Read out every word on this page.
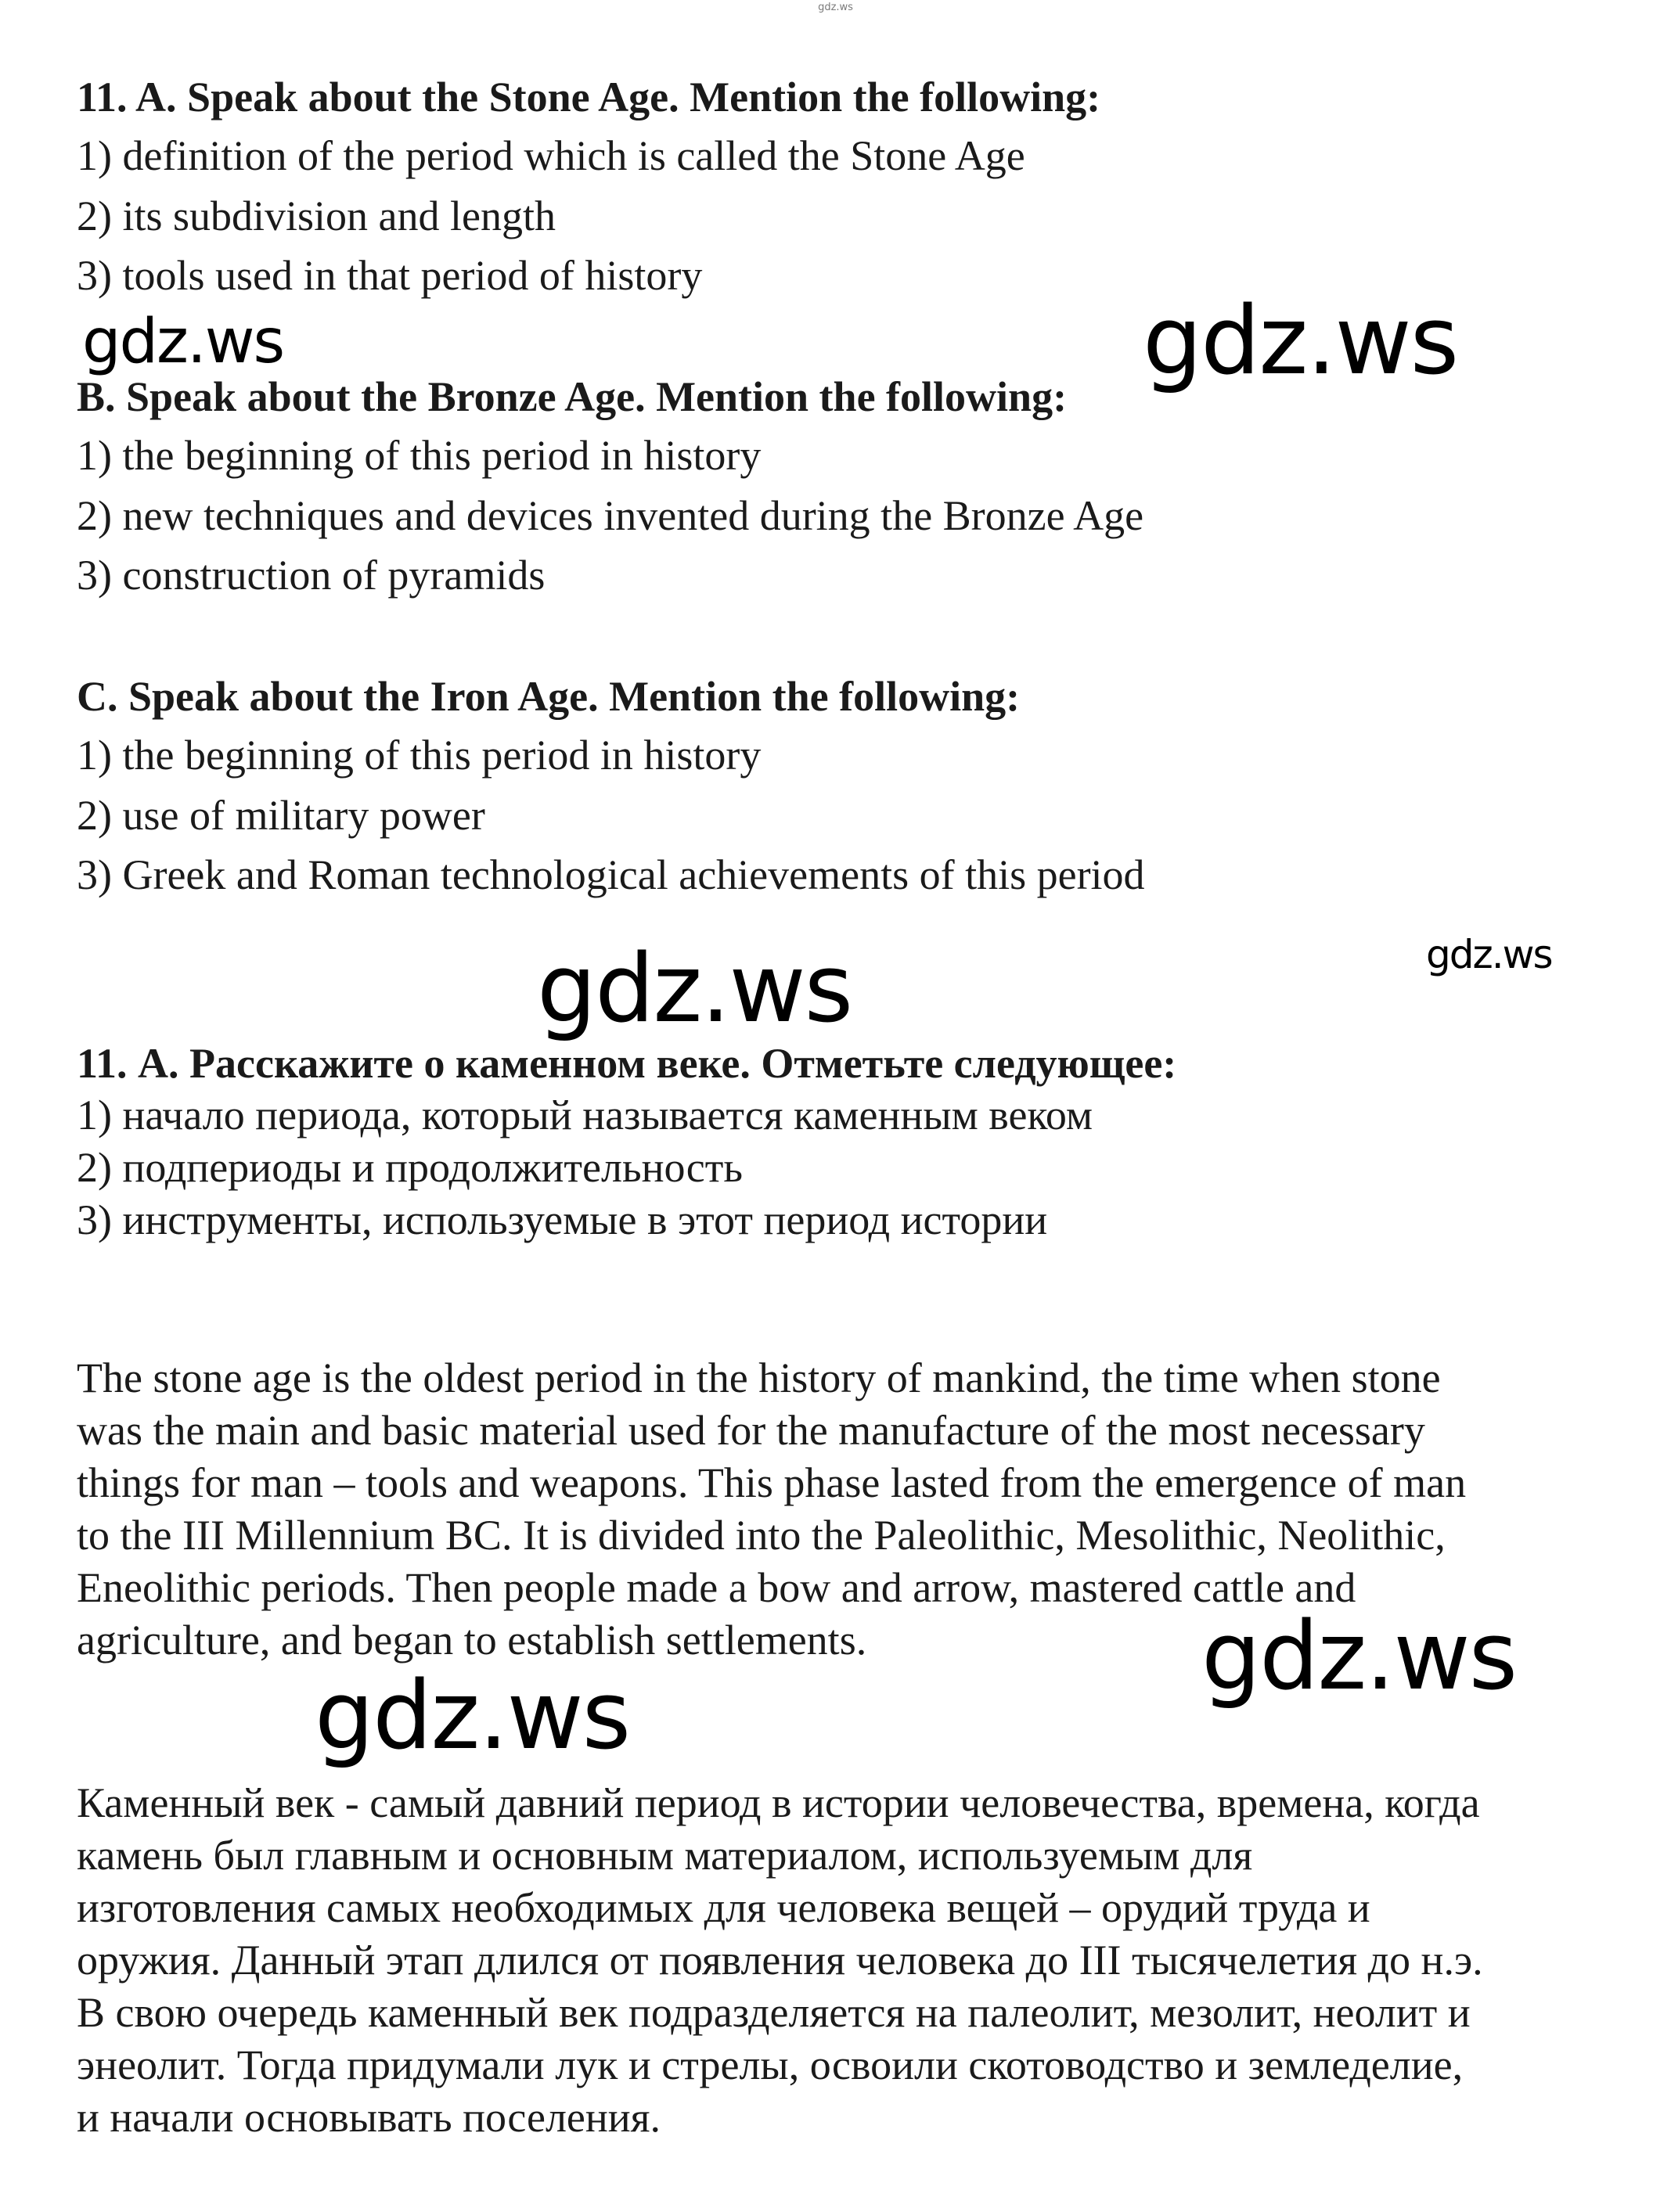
gdz.ws
11. A. Speak about the Stone Age. Mention the following:
1) definition of the period which is called the Stone Age
2) its subdivision and length
3) tools used in that period of history
B. Speak about the Bronze Age. Mention the following:
1) the beginning of this period in history
2) new techniques and devices invented during the Bronze Age
3) construction of pyramids
C. Speak about the Iron Age. Mention the following:
1) the beginning of this period in history
2) use of military power
3) Greek and Roman technological achievements of this period
11. А. Расскажите о каменном веке. Отметьте следующее:
1) начало периода, который называется каменным веком
2) подпериоды и продолжительность
3) инструменты, используемые в этот период истории
The stone age is the oldest period in the history of mankind, the time when stone
was the main and basic material used for the manufacture of the most necessary
things for man – tools and weapons. This phase lasted from the emergence of man
to the III Millennium BC. It is divided into the Paleolithic, Mesolithic, Neolithic,
Eneolithic periods. Then people made a bow and arrow, mastered cattle and
agriculture, and began to establish settlements.
Каменный век - самый давний период в истории человечества, времена, когда
камень был главным и основным материалом, используемым для
изготовления самых необходимых для человека вещей – орудий труда и
оружия. Данный этап длился от появления человека до III тысячелетия до н.э.
В свою очередь каменный век подразделяется на палеолит, мезолит, неолит и
энеолит. Тогда придумали лук и стрелы, освоили скотоводство и земледелие,
и начали основывать поселения.
gdz.ws	gdz.ws
gdz.ws
gdz.ws
gdz.ws
gdz.ws
